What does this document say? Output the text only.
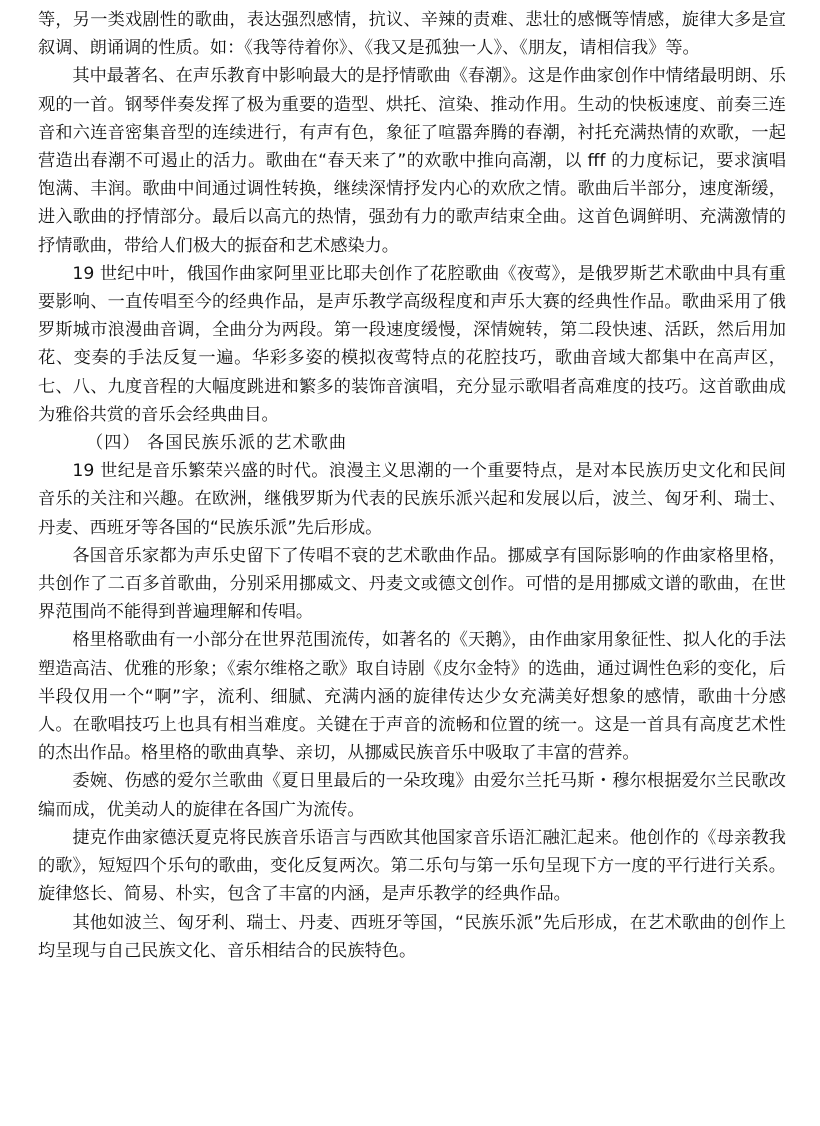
等，另一类戏剧性的歌曲，表达强烈感情，抗议、辛辣的责难、悲壮的感慨等情感，旋律大多是宣叙调、朗诵调的性质。如：《我等待着你》、《我又是孤独一人》、《朋友，请相信我》等。

其中最著名、在声乐教育中影响最大的是抒情歌曲《春潮》。这是作曲家创作中情绪最明朗、乐观的一首。钢琴伴奏发挥了极为重要的造型、烘托、渲染、推动作用。生动的快板速度、前奏三连音和六连音密集音型的连续进行，有声有色，象征了喧嚣奔腾的春潮，衬托充满热情的欢歌，一起营造出春潮不可遏止的活力。歌曲在“春天来了”的欢歌中推向高潮，以 fff 的力度标记，要求演唱饱满、丰润。歌曲中间通过调性转换，继续深情抒发内心的欢欣之情。歌曲后半部分，速度渐缓，进入歌曲的抒情部分。最后以高亢的热情，强劲有力的歌声结束全曲。这首色调鲜明、充满激情的抒情歌曲，带给人们极大的振奋和艺术感染力。

19 世纪中叶，俄国作曲家阿里亚比耶夫创作了花腔歌曲《夜莺》，是俄罗斯艺术歌曲中具有重要影响、一直传唱至今的经典作品，是声乐教学高级程度和声乐大赛的经典性作品。歌曲采用了俄罗斯城市浪漫曲音调，全曲分为两段。第一段速度缓慢，深情婉转，第二段快速、活跃，然后用加花、变奏的手法反复一遍。华彩多姿的模拟夜莺特点的花腔技巧，歌曲音域大都集中在高声区，七、八、九度音程的大幅度跳进和繁多的装饰音演唱，充分显示歌唱者高难度的技巧。这首歌曲成为雅俗共赏的音乐会经典曲目。

（四） 各国民族乐派的艺术歌曲

19 世纪是音乐繁荣兴盛的时代。浪漫主义思潮的一个重要特点，是对本民族历史文化和民间音乐的关注和兴趣。在欧洲，继俄罗斯为代表的民族乐派兴起和发展以后，波兰、匈牙利、瑞士、丹麦、西班牙等各国的“民族乐派”先后形成。

各国音乐家都为声乐史留下了传唱不衰的艺术歌曲作品。挪威享有国际影响的作曲家格里格，共创作了二百多首歌曲，分别采用挪威文、丹麦文或德文创作。可惜的是用挪威文谱的歌曲，在世界范围尚不能得到普遍理解和传唱。

格里格歌曲有一小部分在世界范围流传，如著名的《天鹅》，由作曲家用象征性、拟人化的手法塑造高洁、优雅的形象；《索尔维格之歌》取自诗剧《皮尔金特》的选曲，通过调性色彩的变化，后半段仅用一个“啊”字，流利、细腻、充满内涵的旋律传达少女充满美好想象的感情，歌曲十分感人。在歌唱技巧上也具有相当难度。关键在于声音的流畅和位置的统一。这是一首具有高度艺术性的杰出作品。格里格的歌曲真挚、亲切，从挪威民族音乐中吸取了丰富的营养。

委婉、伤感的爱尔兰歌曲《夏日里最后的一朵玫瑰》由爱尔兰托马斯・穆尔根据爱尔兰民歌改编而成，优美动人的旋律在各国广为流传。

捷克作曲家德沃夏克将民族音乐语言与西欧其他国家音乐语汇融汇起来。他创作的《母亲教我的歌》，短短四个乐句的歌曲，变化反复两次。第二乐句与第一乐句呈现下方一度的平行进行关系。旋律悠长、简易、朴实，包含了丰富的内涵，是声乐教学的经典作品。

其他如波兰、匈牙利、瑞士、丹麦、西班牙等国，“民族乐派”先后形成，在艺术歌曲的创作上均呈现与自己民族文化、音乐相结合的民族特色。
